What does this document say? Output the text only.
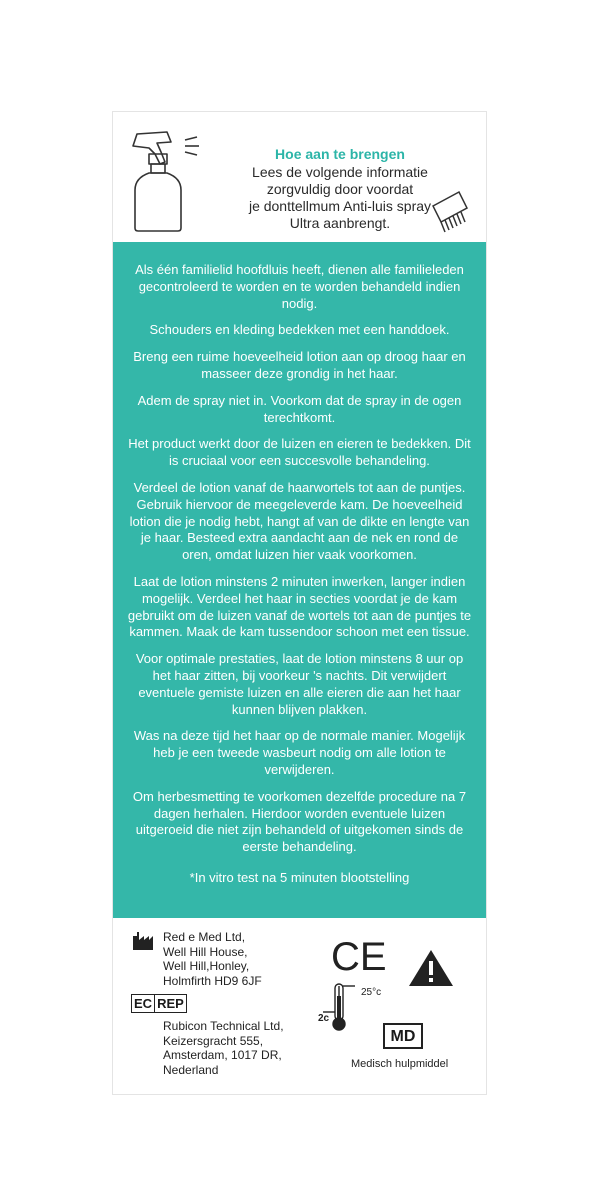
Hoe aan te brengen
Lees de volgende informatie
zorgvuldig door voordat
je donttellmum Anti-luis spray
Ultra aanbrengt.

Als één familielid hoofdluis heeft, dienen alle familieleden gecontroleerd te worden en te worden behandeld indien nodig.

Schouders en kleding bedekken met een handdoek.

Breng een ruime hoeveelheid lotion aan op droog haar en masseer deze grondig in het haar.

Adem de spray niet in. Voorkom dat de spray in de ogen terechtkomt.

Het product werkt door de luizen en eieren te bedekken. Dit is cruciaal voor een succesvolle behandeling.

Verdeel de lotion vanaf de haarwortels tot aan de puntjes. Gebruik hiervoor de meegeleverde kam. De hoeveelheid lotion die je nodig hebt, hangt af van de dikte en lengte van je haar. Besteed extra aandacht aan de nek en rond de oren, omdat luizen hier vaak voorkomen.

Laat de lotion minstens 2 minuten inwerken, langer indien mogelijk. Verdeel het haar in secties voordat je de kam gebruikt om de luizen vanaf de wortels tot aan de puntjes te kammen. Maak de kam tussendoor schoon met een tissue.

Voor optimale prestaties, laat de lotion minstens 8 uur op het haar zitten, bij voorkeur 's nachts. Dit verwijdert eventuele gemiste luizen en alle eieren die aan het haar kunnen blijven plakken.

Was na deze tijd het haar op de normale manier. Mogelijk heb je een tweede wasbeurt nodig om alle lotion te verwijderen.

Om herbesmetting te voorkomen dezelfde procedure na 7 dagen herhalen. Hierdoor worden eventuele luizen uitgeroeid die niet zijn behandeld of uitgekomen sinds de eerste behandeling.

*In vitro test na 5 minuten blootstelling

Red e Med Ltd,
Well Hill House,
Well Hill,Honley,
Holmfirth HD9 6JF
EC REP
Rubicon Technical Ltd,
Keizersgracht 555,
Amsterdam, 1017 DR,
Nederland
CE
25°c
2c
MD
Medisch hulpmiddel
